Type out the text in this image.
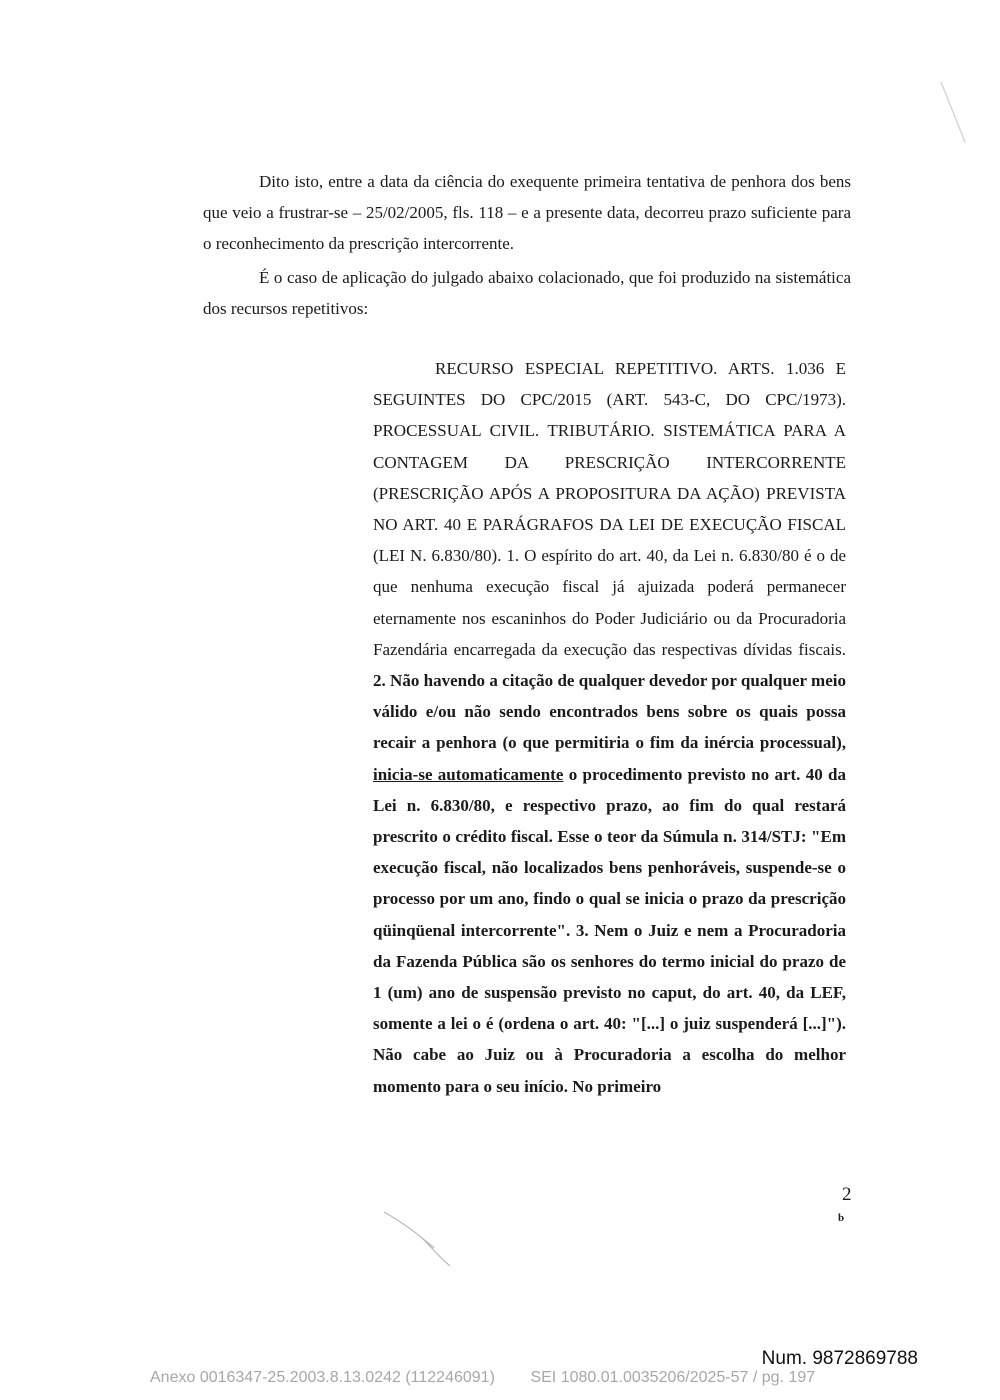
Dito isto, entre a data da ciência do exequente primeira tentativa de penhora dos bens que veio a frustrar-se – 25/02/2005, fls. 118 – e a presente data, decorreu prazo suficiente para o reconhecimento da prescrição intercorrente.

É o caso de aplicação do julgado abaixo colacionado, que foi produzido na sistemática dos recursos repetitivos:

RECURSO ESPECIAL REPETITIVO. ARTS. 1.036 E SEGUINTES DO CPC/2015 (ART. 543-C, DO CPC/1973). PROCESSUAL CIVIL. TRIBUTÁRIO. SISTEMÁTICA PARA A CONTAGEM DA PRESCRIÇÃO INTERCORRENTE (PRESCRIÇÃO APÓS A PROPOSITURA DA AÇÃO) PREVISTA NO ART. 40 E PARÁGRAFOS DA LEI DE EXECUÇÃO FISCAL (LEI N. 6.830/80). 1. O espírito do art. 40, da Lei n. 6.830/80 é o de que nenhuma execução fiscal já ajuizada poderá permanecer eternamente nos escaninhos do Poder Judiciário ou da Procuradoria Fazendária encarregada da execução das respectivas dívidas fiscais. 2. Não havendo a citação de qualquer devedor por qualquer meio válido e/ou não sendo encontrados bens sobre os quais possa recair a penhora (o que permitiria o fim da inércia processual), inicia-se automaticamente o procedimento previsto no art. 40 da Lei n. 6.830/80, e respectivo prazo, ao fim do qual restará prescrito o crédito fiscal. Esse o teor da Súmula n. 314/STJ: "Em execução fiscal, não localizados bens penhoráveis, suspende-se o processo por um ano, findo o qual se inicia o prazo da prescrição qüinqüenal intercorrente". 3. Nem o Juiz e nem a Procuradoria da Fazenda Pública são os senhores do termo inicial do prazo de 1 (um) ano de suspensão previsto no caput, do art. 40, da LEF, somente a lei o é (ordena o art. 40: "[...] o juiz suspenderá [...]"). Não cabe ao Juiz ou à Procuradoria a escolha do melhor momento para o seu início. No primeiro

2
b
Num. 9872869788
Anexo 0016347-25.2003.8.13.0242 (112246091) SEI 1080.01.0035206/2025-57 / pg. 197
